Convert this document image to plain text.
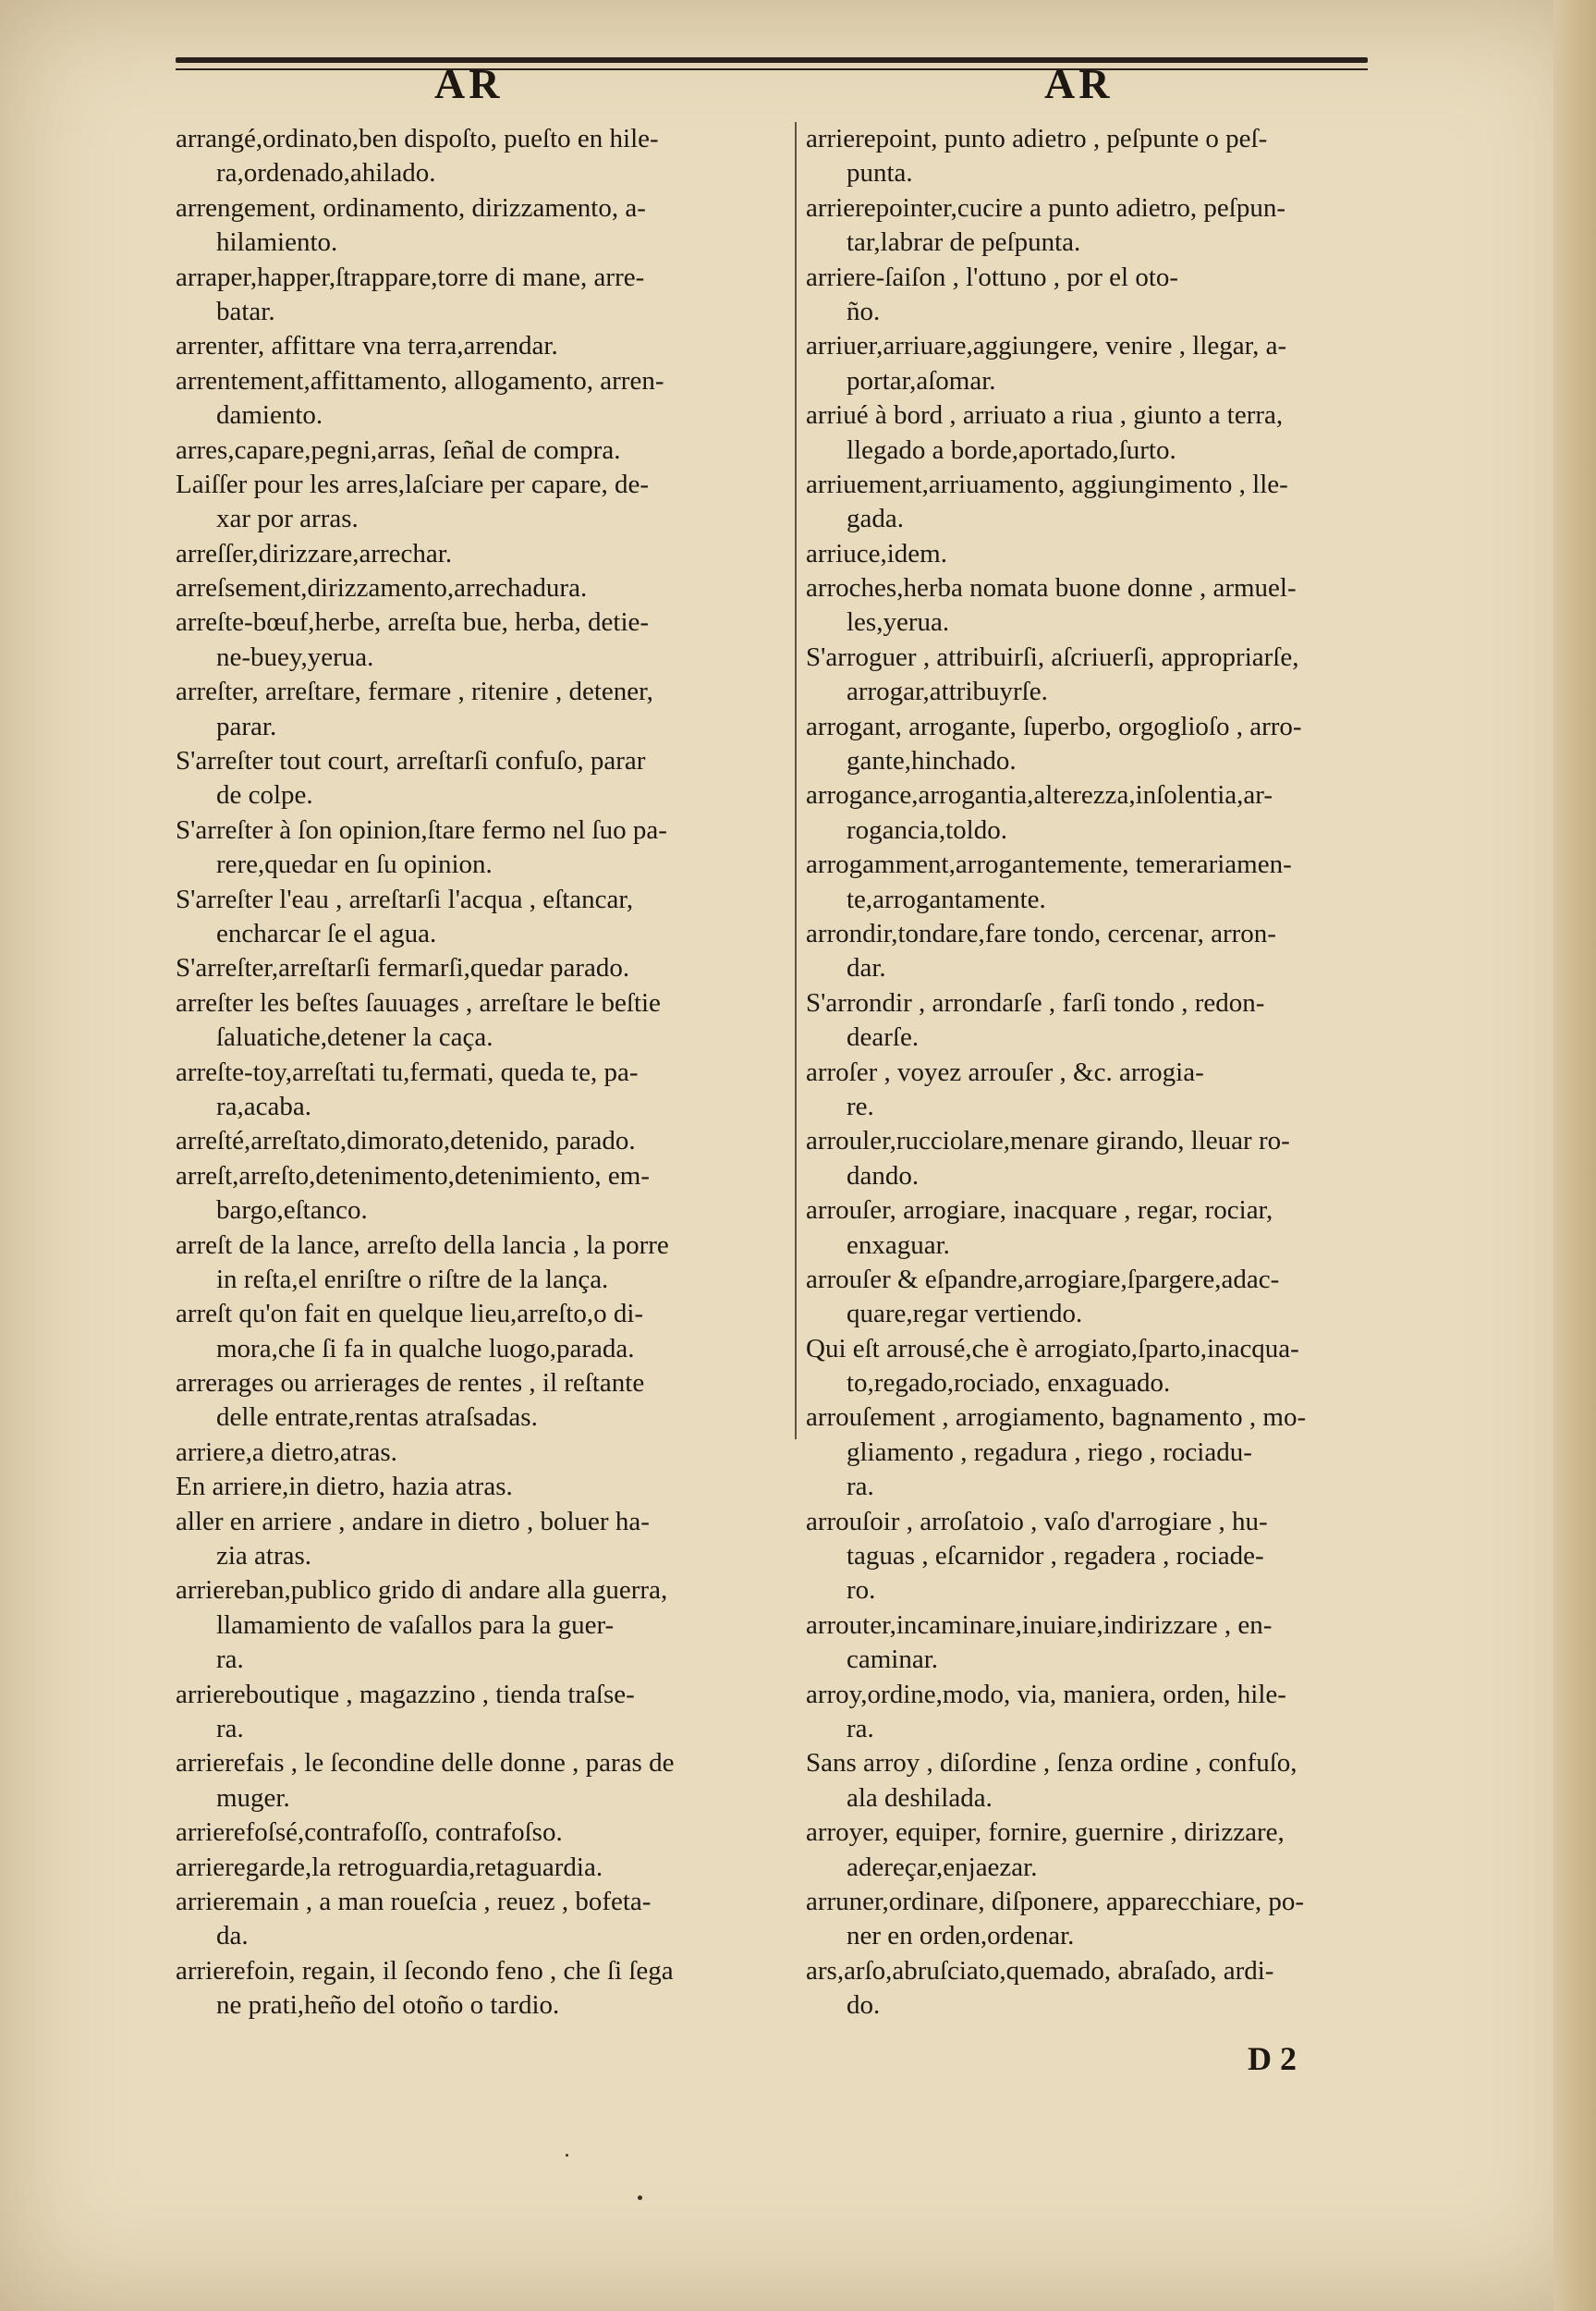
AR	AR
arrangé,ordinato,ben dispoſto, pueſto en hile-
ra,ordenado,ahilado.
arrengement, ordinamento, dirizzamento, a-
hilamiento.
arraper,happer,ſtrappare,torre di mane, arre-
batar.
arrenter, affittare vna terra,arrendar.
arrentement,affittamento, allogamento, arren-
damiento.
arres,capare,pegni,arras, ſeñal de compra.
Laiſſer pour les arres,laſciare per capare, de-
xar por arras.
arreſſer,dirizzare,arrechar.
arreſsement,dirizzamento,arrechadura.
arreſte-bœuf,herbe, arreſta bue, herba, detie-
ne-buey,yerua.
arreſter, arreſtare, fermare , ritenire , detener,
parar.
S'arreſter tout court, arreſtarſi confuſo, parar
de colpe.
S'arreſter à ſon opinion,ſtare fermo nel ſuo pa-
rere,quedar en ſu opinion.
S'arreſter l'eau , arreſtarſi l'acqua , eſtancar,
encharcar ſe el agua.
S'arreſter,arreſtarſi fermarſi,quedar parado.
arreſter les beſtes ſauuages , arreſtare le beſtie
ſaluatiche,detener la caça.
arreſte-toy,arreſtati tu,fermati, queda te, pa-
ra,acaba.
arreſté,arreſtato,dimorato,detenido, parado.
arreſt,arreſto,detenimento,detenimiento, em-
bargo,eſtanco.
arreſt de la lance, arreſto della lancia , la porre
in reſta,el enriſtre o riſtre de la lança.
arreſt qu'on fait en quelque lieu,arreſto,o di-
mora,che ſi fa in qualche luogo,parada.
arrerages ou arrierages de rentes , il reſtante
delle entrate,rentas atraſsadas.
arriere,a dietro,atras.
En arriere,in dietro, hazia atras.
aller en arriere , andare in dietro , boluer ha-
zia atras.
arriereban,publico grido di andare alla guerra,
llamamiento de vaſallos para la guer-
ra.
arriereboutique , magazzino , tienda traſse-
ra.
arrierefais , le ſecondine delle donne , paras de
muger.
arrierefoſsé,contrafoſſo, contrafoſso.
arrieregarde,la retroguardia,retaguardia.
arrieremain , a man roueſcia , reuez , bofeta-
da.
arrierefoin, regain, il ſecondo feno , che ſi ſega
ne prati,heño del otoño o tardio.
arrierepoint, punto adietro , peſpunte o peſ-
punta.
arrierepointer,cucire a punto adietro, peſpun-
tar,labrar de peſpunta.
arriere-ſaiſon , l'ottuno , por el oto-
ño.
arriuer,arriuare,aggiungere, venire , llegar, a-
portar,aſomar.
arriué à bord , arriuato a riua , giunto a terra,
llegado a borde,aportado,ſurto.
arriuement,arriuamento, aggiungimento , lle-
gada.
arriuce,idem.
arroches,herba nomata buone donne , armuel-
les,yerua.
S'arroguer , attribuirſi, aſcriuerſi, appropriarſe,
arrogar,attribuyrſe.
arrogant, arrogante, ſuperbo, orgoglioſo , arro-
gante,hinchado.
arrogance,arrogantia,alterezza,inſolentia,ar-
rogancia,toldo.
arrogamment,arrogantemente, temerariamen-
te,arrogantamente.
arrondir,tondare,fare tondo, cercenar, arron-
dar.
S'arrondir , arrondarſe , farſi tondo , redon-
dearſe.
arroſer , voyez arrouſer , &c. arrogia-
re.
arrouler,rucciolare,menare girando, lleuar ro-
dando.
arrouſer, arrogiare, inacquare , regar, rociar,
enxaguar.
arrouſer & eſpandre,arrogiare,ſpargere,adac-
quare,regar vertiendo.
Qui eſt arrousé,che è arrogiato,ſparto,inacqua-
to,regado,rociado, enxaguado.
arrouſement , arrogiamento, bagnamento , mo-
gliamento , regadura , riego , rociadu-
ra.
arrouſoir , arroſatoio , vaſo d'arrogiare , hu-
taguas , eſcarnidor , regadera , rociade-
ro.
arrouter,incaminare,inuiare,indirizzare , en-
caminar.
arroy,ordine,modo, via, maniera, orden, hile-
ra.
Sans arroy , diſordine , ſenza ordine , confuſo,
ala deshilada.
arroyer, equiper, fornire, guernire , dirizzare,
adereçar,enjaezar.
arruner,ordinare, diſponere, apparecchiare, po-
ner en orden,ordenar.
ars,arſo,abruſciato,quemado, abraſado, ardi-
do.
D 2
